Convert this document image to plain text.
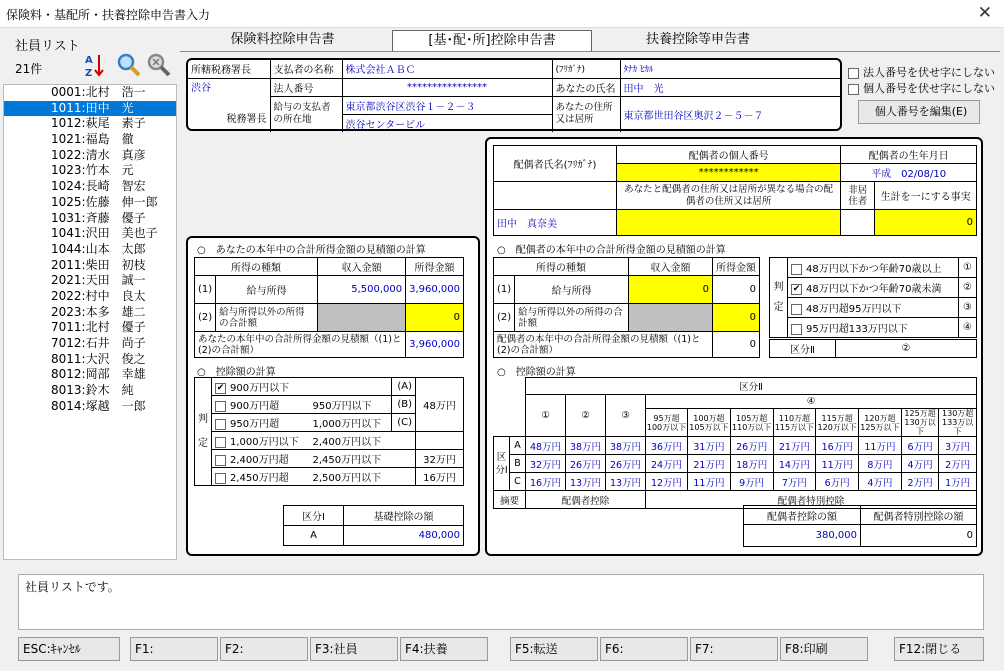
保険料・基配所・扶養控除申告書入力	✕
社員リスト
21件
A
Z
0001:北村　浩一
1011:田中　光
1012:萩尾　素子
1021:福島　徹
1022:清水　真彦
1023:竹本　元
1024:長崎　智宏
1025:佐藤　伸一郎
1031:斉藤　優子
1041:沢田　美也子
1044:山本　太郎
2011:柴田　初枝
2021:天田　誠一
2022:村中　良太
2023:本多　雄二
7011:北村　優子
7012:石井　尚子
8011:大沢　俊之
8012:岡部　幸雄
8013:鈴木　純
8014:塚越　一郎
保険料控除申告書	[基･配･所]控除申告書	扶養控除等申告書
所轄税務署長	支払者の名称	株式会社ＡＢＣ	(ﾌﾘｶﾞﾅ)	ﾀﾅｶ ﾋｶﾙ

渋谷
税務署長	法人番号	****************	あなたの氏名	田中　光
	給与の支払者の所在地	東京都渋谷区渋谷１－２－３	あなたの住所又は居所	東京都世田谷区奥沢２－５－７
		渋谷センタービル		
法人番号を伏せ字にしない
個人番号を伏せ字にしない
個人番号を編集(E)
○　あなたの本年中の合計所得金額の見積額の計算
所得の種類		収入金額	所得金額
(1)	給与所得	5,500,000	3,960,000
(2)	給与所得以外の所得の合計額		0
あなたの本年中の合計所得金額の見積額（(1)と(2)の合計額）			3,960,000
○　控除額の計算
判定	✔ 900万円以下		(A)	48万円
	900万円超	950万円以下	(B)	
	950万円超	1,000万円以下	(C)	
	1,000万円以下	2,400万円以下		
	2,400万円超	2,450万円以下		32万円
	2,450万円超	2,500万円以下		16万円
区分Ⅰ	基礎控除の額
A	480,000
配偶者氏名(ﾌﾘｶﾞﾅ)	配偶者の個人番号	配偶者の生年月日	
	************	平成　02/08/10	
	あなたと配偶者の住所又は居所が異なる場合の配偶者の住所又は居所	非居住者	生計を一にする事実
田中　真奈美			0
○　配偶者の本年中の合計所得金額の見積額の計算
所得の種類		収入金額	所得金額
(1)	給与所得	0	0
(2)	給与所得以外の所得の合計額		0
配偶者の本年中の合計所得金額の見積額（(1)と(2)の合計額）			0
判定	48万円以下かつ年齢70歳以上	①
	✔ 48万円以下かつ年齢70歳未満	②
	48万円超95万円以下	③
	95万円超133万円以下	④
区分Ⅱ	②
○　控除額の計算
		区分Ⅱ										
		①	②	③	④							
					95万超100万以下	100万超105万以下	105万超110万以下	110万超115万以下	115万超120万以下	120万超125万以下	125万超130万以下	130万超133万以下
区分Ⅰ	A	48万円	38万円	38万円	36万円	31万円	26万円	21万円	16万円	11万円	6万円	3万円
	B	32万円	26万円	26万円	24万円	21万円	18万円	14万円	11万円	8万円	4万円	2万円
	C	16万円	13万円	13万円	12万円	11万円	9万円	7万円	6万円	4万円	2万円	1万円
摘要		配偶者控除			配偶者特別控除							
配偶者控除の額	配偶者特別控除の額
380,000	0
社員リストです。
ESC:ｷｬﾝｾﾙ	F1:	F2:	F3:社員	F4:扶養	F5:転送	F6:	F7:	F8:印刷	F12:閉じる
